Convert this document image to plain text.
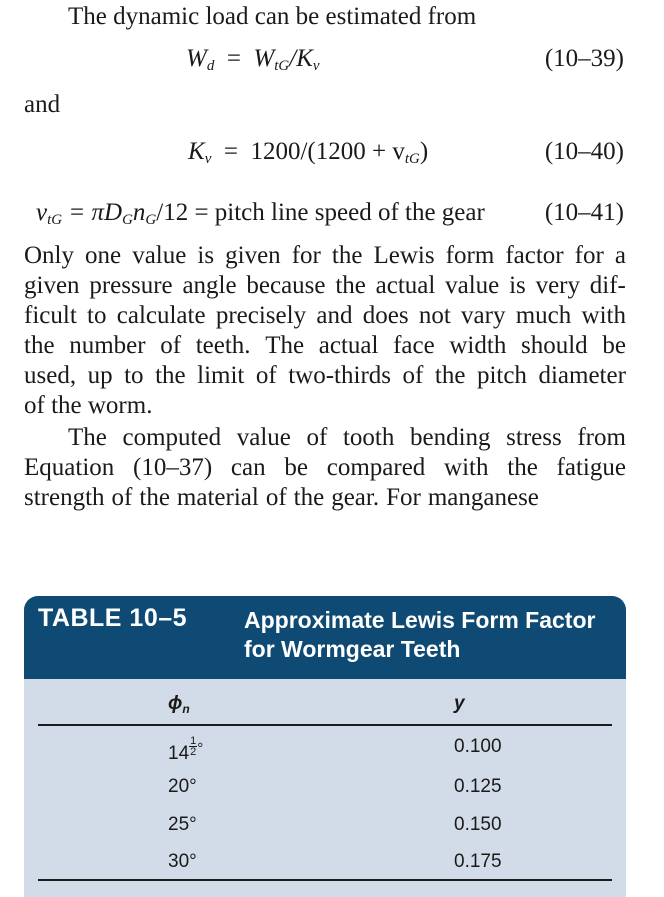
The dynamic load can be estimated from
$W_d = W_{tG}/K_v$	(10–39)
and
$K_v = 1200/(1200 + v_{tG})$	(10–40)
$v_{tG} = \pi D_Gn_G/12$ = pitch line speed of the gear (10–41)
Only one value is given for the Lewis form factor for a
given pressure angle because the actual value is very dif-
ficult to calculate precisely and does not vary much with
the number of teeth. The actual face width should be
used, up to the limit of two-thirds of the pitch diameter
of the worm.
The computed value of tooth bending stress from
Equation (10–37) can be compared with the fatigue
strength of the material of the gear. For manganese
TABLE 10–5 Approximate Lewis Form Factor
for Wormgear Teeth
$\phi_n$	y
$14 \frac{1}{2} ^\circ$	0.100
20°	0.125
25°	0.150
30°	0.175
